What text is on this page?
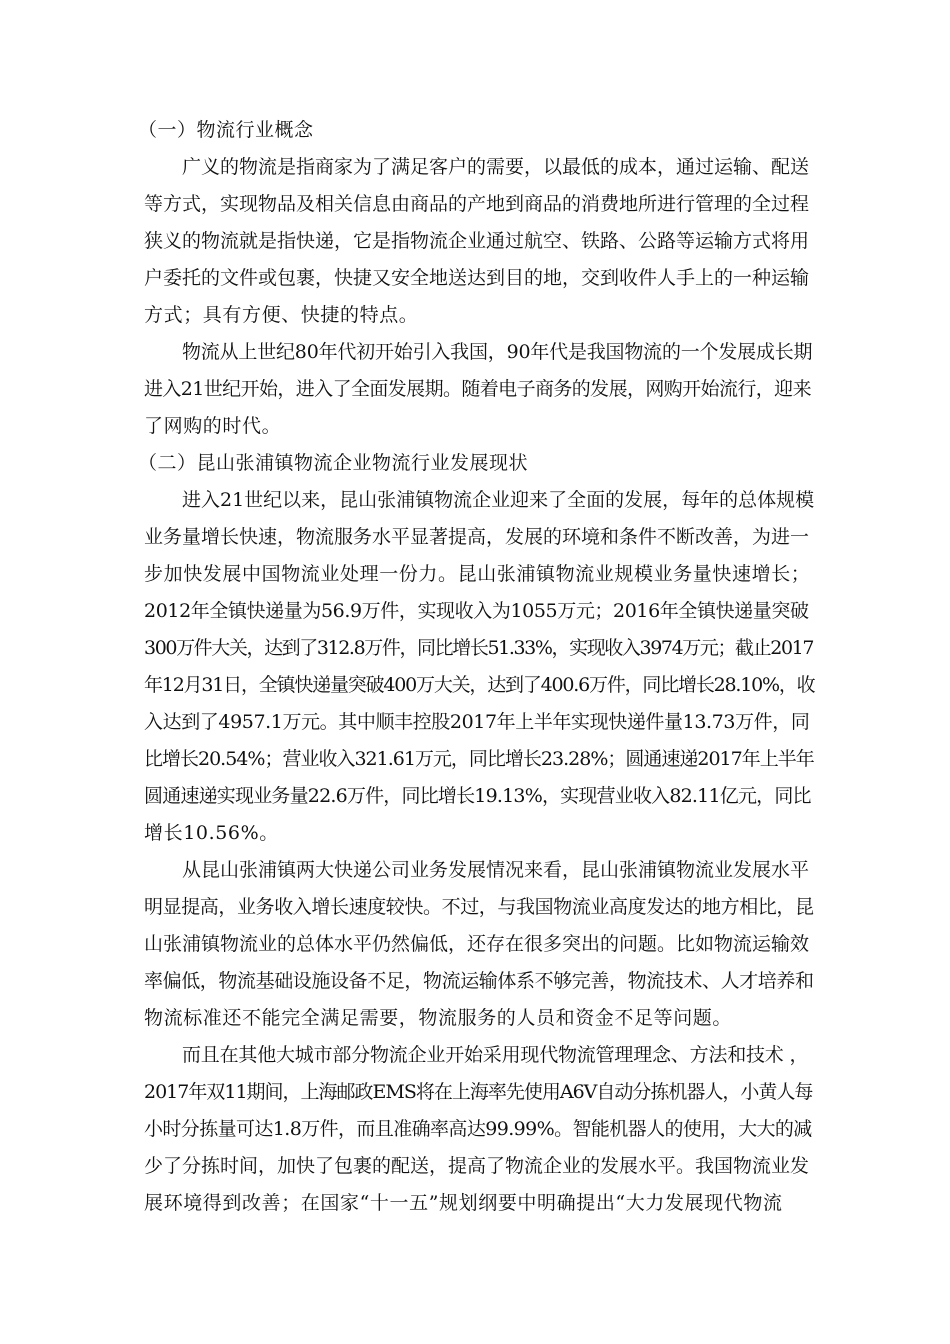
（一）物流行业概念
广义的物流是指商家为了满足客户的需要，以最低的成本，通过运输、配送
等方式，实现物品及相关信息由商品的产地到商品的消费地所进行管理的全过程
狭义的物流就是指快递，它是指物流企业通过航空、铁路、公路等运输方式将用
户委托的文件或包裹，快捷又安全地送达到目的地，交到收件人手上的一种运输
方式；具有方便、快捷的特点。
物流从上世纪80年代初开始引入我国，90年代是我国物流的一个发展成长期
进入21世纪开始，进入了全面发展期。随着电子商务的发展，网购开始流行，迎来
了网购的时代。
（二）昆山张浦镇物流企业物流行业发展现状
进入21世纪以来，昆山张浦镇物流企业迎来了全面的发展，每年的总体规模
业务量增长快速，物流服务水平显著提高，发展的环境和条件不断改善，为进一
步加快发展中国物流业处理一份力。昆山张浦镇物流业规模业务量快速增长；
2012年全镇快递量为56.9万件，实现收入为1055万元；2016年全镇快递量突破
300万件大关，达到了312.8万件，同比增长51.33%，实现收入3974万元；截止2017
年12月31日，全镇快递量突破400万大关，达到了400.6万件，同比增长28.10%，收
入达到了4957.1万元。其中顺丰控股2017年上半年实现快递件量13.73万件，同
比增长20.54%；营业收入321.61万元，同比增长23.28%；圆通速递2017年上半年
圆通速递实现业务量22.6万件，同比增长19.13%，实现营业收入82.11亿元，同比
增长10.56%。
从昆山张浦镇两大快递公司业务发展情况来看，昆山张浦镇物流业发展水平
明显提高，业务收入增长速度较快。不过，与我国物流业高度发达的地方相比，昆
山张浦镇物流业的总体水平仍然偏低，还存在很多突出的问题。比如物流运输效
率偏低，物流基础设施设备不足，物流运输体系不够完善，物流技术、人才培养和
物流标准还不能完全满足需要，物流服务的人员和资金不足等问题。
而且在其他大城市部分物流企业开始采用现代物流管理理念、方法和技术 ，
2017年双11期间，上海邮政EMS将在上海率先使用A6V自动分拣机器人，小黄人每
小时分拣量可达1.8万件，而且准确率高达99.99%。智能机器人的使用，大大的减
少了分拣时间，加快了包裹的配送，提高了物流企业的发展水平。我国物流业发
展环境得到改善；在国家“十一五”规划纲要中明确提出“大力发展现代物流
